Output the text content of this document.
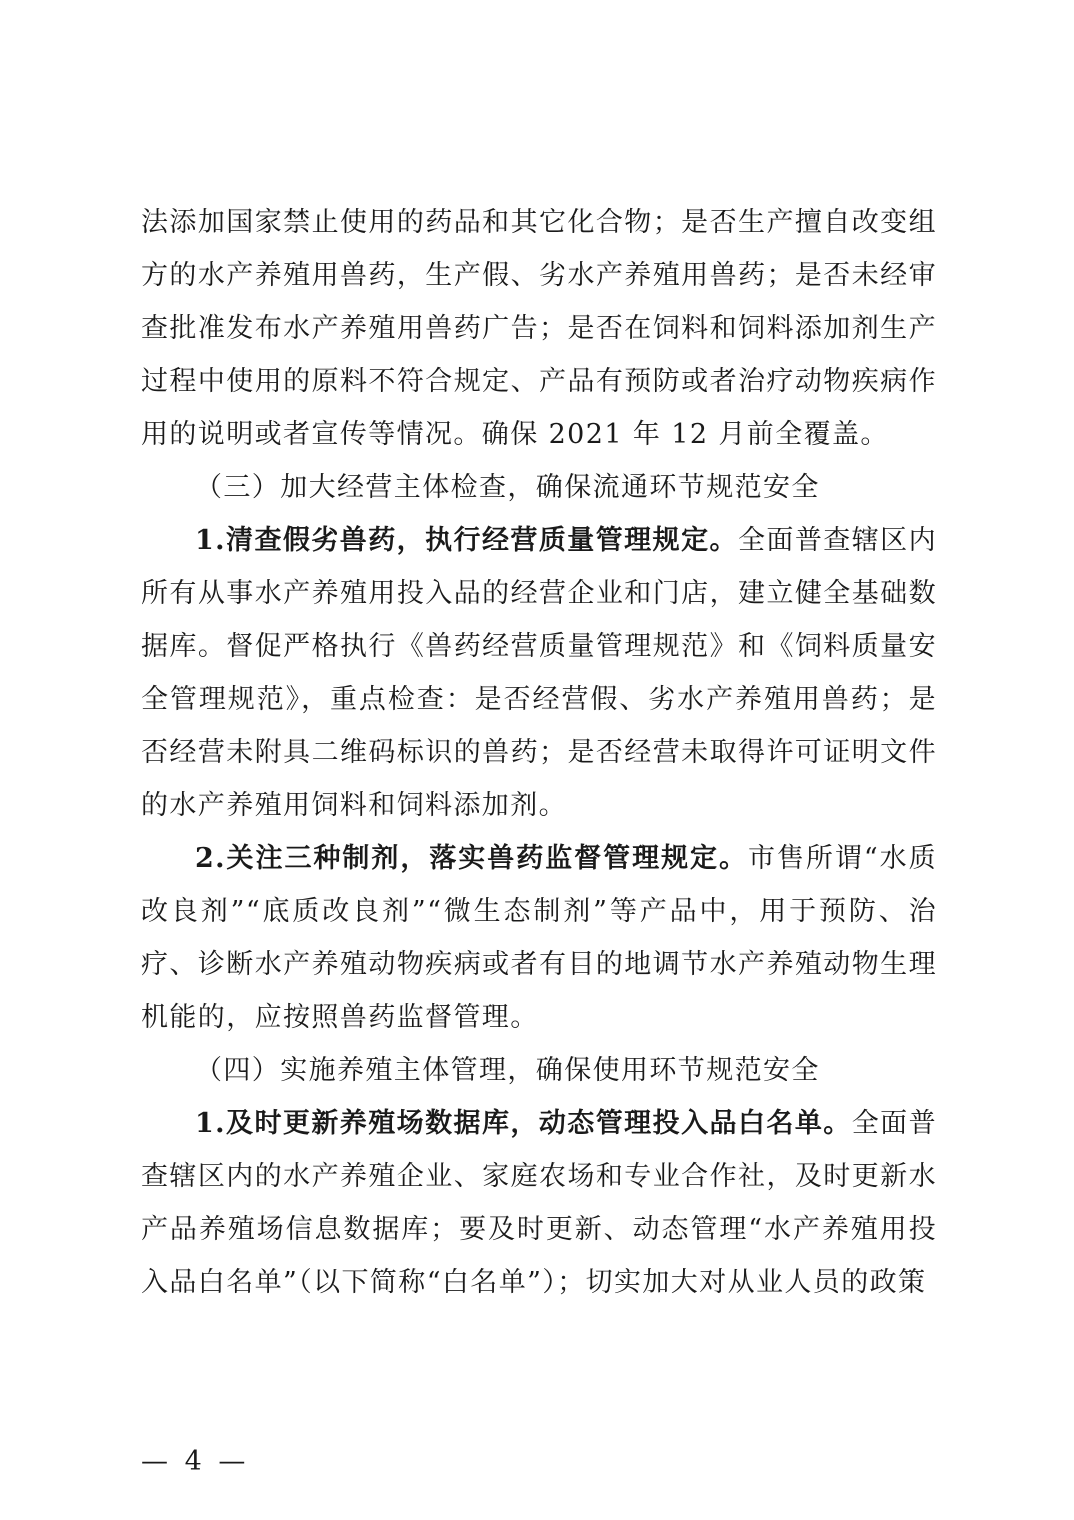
法添加国家禁止使用的药品和其它化合物；是否生产擅自改变组方的水产养殖用兽药，生产假、劣水产养殖用兽药；是否未经审查批准发布水产养殖用兽药广告；是否在饲料和饲料添加剂生产过程中使用的原料不符合规定、产品有预防或者治疗动物疾病作用的说明或者宣传等情况。确保 2021 年 12 月前全覆盖。

（三）加大经营主体检查，确保流通环节规范安全

1.清查假劣兽药，执行经营质量管理规定。全面普查辖区内所有从事水产养殖用投入品的经营企业和门店，建立健全基础数据库。督促严格执行《兽药经营质量管理规范》和《饲料质量安全管理规范》，重点检查：是否经营假、劣水产养殖用兽药；是否经营未附具二维码标识的兽药；是否经营未取得许可证明文件的水产养殖用饲料和饲料添加剂。

2.关注三种制剂，落实兽药监督管理规定。市售所谓“水质改良剂”“底质改良剂”“微生态制剂”等产品中，用于预防、治疗、诊断水产养殖动物疾病或者有目的地调节水产养殖动物生理机能的，应按照兽药监督管理。

（四）实施养殖主体管理，确保使用环节规范安全

1.及时更新养殖场数据库，动态管理投入品白名单。全面普查辖区内的水产养殖企业、家庭农场和专业合作社，及时更新水产品养殖场信息数据库；要及时更新、动态管理“水产养殖用投入品白名单”（以下简称“白名单”）；切实加大对从业人员的政策

— 4 —
